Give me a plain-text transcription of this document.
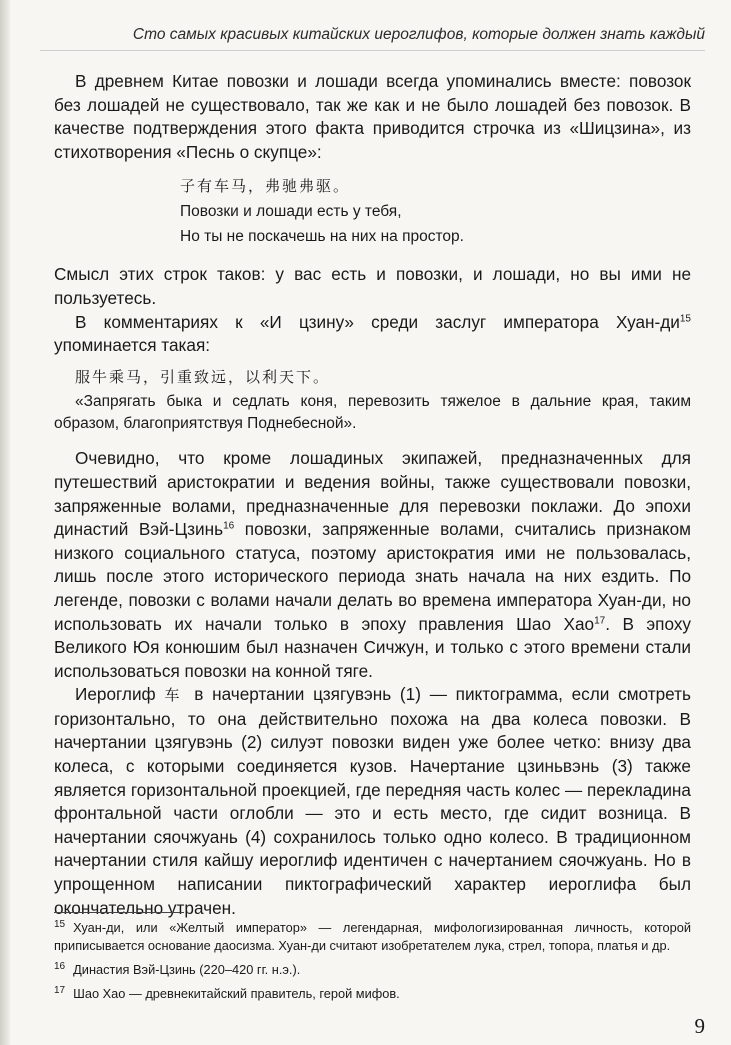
Сто самых красивых китайских иероглифов, которые должен знать каждый

В древнем Китае повозки и лошади всегда упоминались вместе: повозок без лошадей не существовало, так же как и не было лошадей без повозок. В качестве подтверждения этого факта приводится строчка из «Шицзина», из стихотворения «Песнь о скупце»:

子有车马，弗驰弗驱。
Повозки и лошади есть у тебя,
Но ты не поскачешь на них на простор.

Смысл этих строк таков: у вас есть и повозки, и лошади, но вы ими не пользуетесь.

В комментариях к «И цзину» среди заслуг императора Хуан-$ди^{15}$ упоминается такая:

服牛乘马，引重致远，以利天下。

«Запрягать быка и седлать коня, перевозить тяжелое в дальние края, таким образом, благоприятствуя Поднебесной».

Очевидно, что кроме лошадиных экипажей, предназначенных для путешествий аристократии и ведения войны, также существовали повозки, запряженные волами, предназначенные для перевозки поклажи. До эпохи династий Вэй-Цзинь$^{16}$ повозки, запряженные волами, считались признаком низкого социального статуса, поэтому аристократия ими не пользовалась, лишь после этого исторического периода знать начала на них ездить. По легенде, повозки с волами начали делать во времена императора Хуан-ди, но использовать их начали только в эпоху правления Шао Хао$^{17}$. В эпоху Великого Юя конюшим был назначен Сичжун, и только с этого времени стали использоваться повозки на конной тяге.

Иероглиф 车 в начертании цзягувэнь (1) — пиктограмма, если смотреть горизонтально, то она действительно похожа на два колеса повозки. В начертании цзягувэнь (2) силуэт повозки виден уже более четко: внизу два колеса, с которыми соединяется кузов. Начертание цзиньвэнь (3) также является горизонтальной проекцией, где передняя часть колес — перекладина фронтальной части оглобли — это и есть место, где сидит возница. В начертании сяочжуань (4) сохранилось только одно колесо. В традиционном начертании стиля кайшу иероглиф идентичен с начертанием сяочжуань. Но в упрощенном написании пиктографический характер иероглифа был окончательно утрачен.

$^{15}$ Хуан-ди, или «Желтый император» — легендарная, мифологизированная личность, которой приписывается основание даосизма. Хуан-ди считают изобретателем лука, стрел, топора, платья и др.

$^{16}$ Династия Вэй-Цзинь (220–420 гг. н.э.).

$^{17}$ Шао Хао — древнекитайский правитель, герой мифов.

9
